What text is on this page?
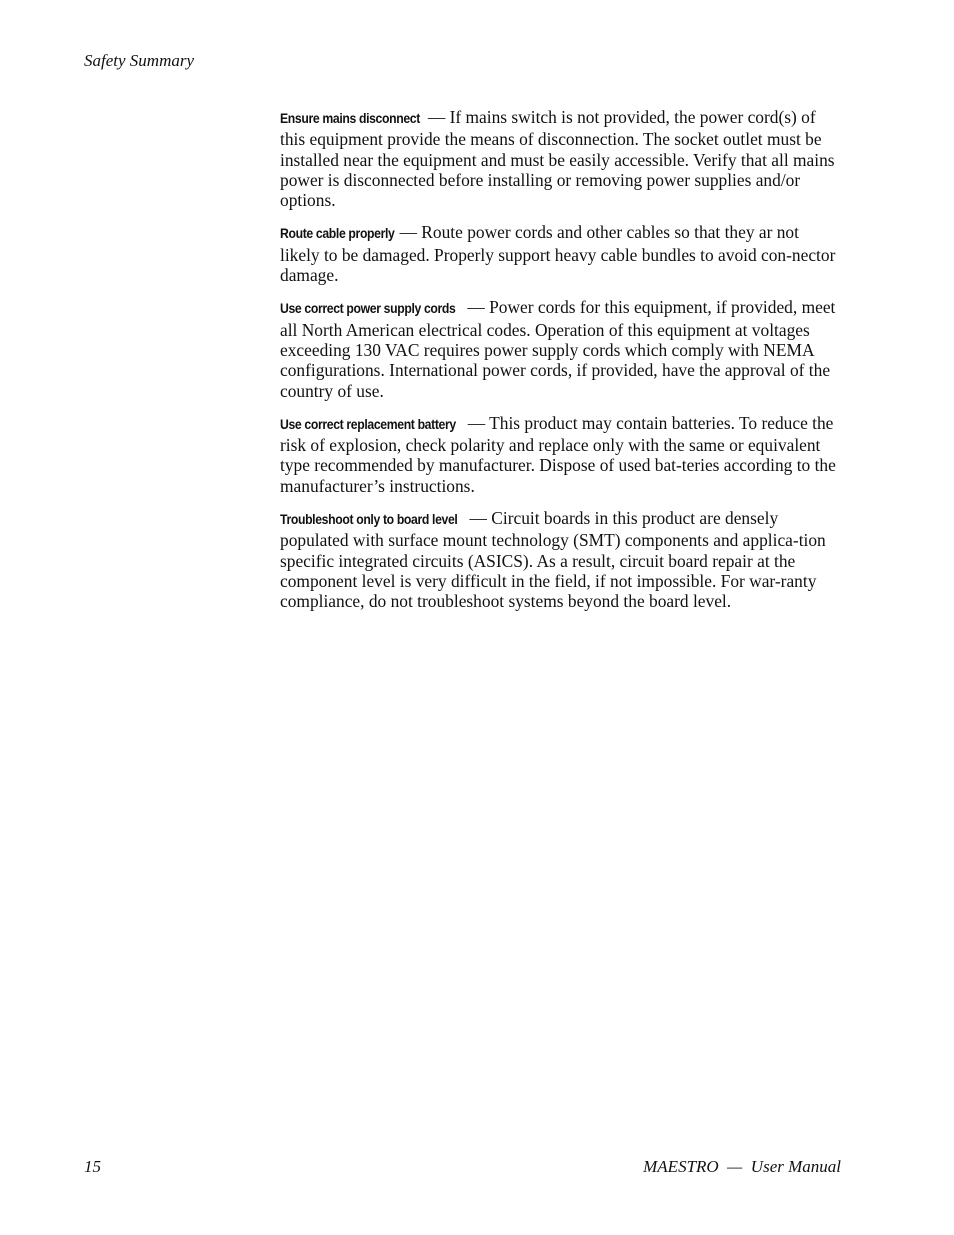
Safety Summary

Ensure mains disconnect — If mains switch is not provided, the power cord(s) of this equipment provide the means of disconnection. The socket outlet must be installed near the equipment and must be easily accessible. Verify that all mains power is disconnected before installing or removing power supplies and/or options.

Route cable properly — Route power cords and other cables so that they ar not likely to be damaged. Properly support heavy cable bundles to avoid con-nector damage.

Use correct power supply cords — Power cords for this equipment, if provided, meet all North American electrical codes. Operation of this equipment at voltages exceeding 130 VAC requires power supply cords which comply with NEMA configurations. International power cords, if provided, have the approval of the country of use.

Use correct replacement battery — This product may contain batteries. To reduce the risk of explosion, check polarity and replace only with the same or equivalent type recommended by manufacturer. Dispose of used bat-teries according to the manufacturer’s instructions.

Troubleshoot only to board level — Circuit boards in this product are densely populated with surface mount technology (SMT) components and applica-tion specific integrated circuits (ASICS). As a result, circuit board repair at the component level is very difficult in the field, if not impossible. For war-ranty compliance, do not troubleshoot systems beyond the board level.

15	MAESTRO  —  User Manual
